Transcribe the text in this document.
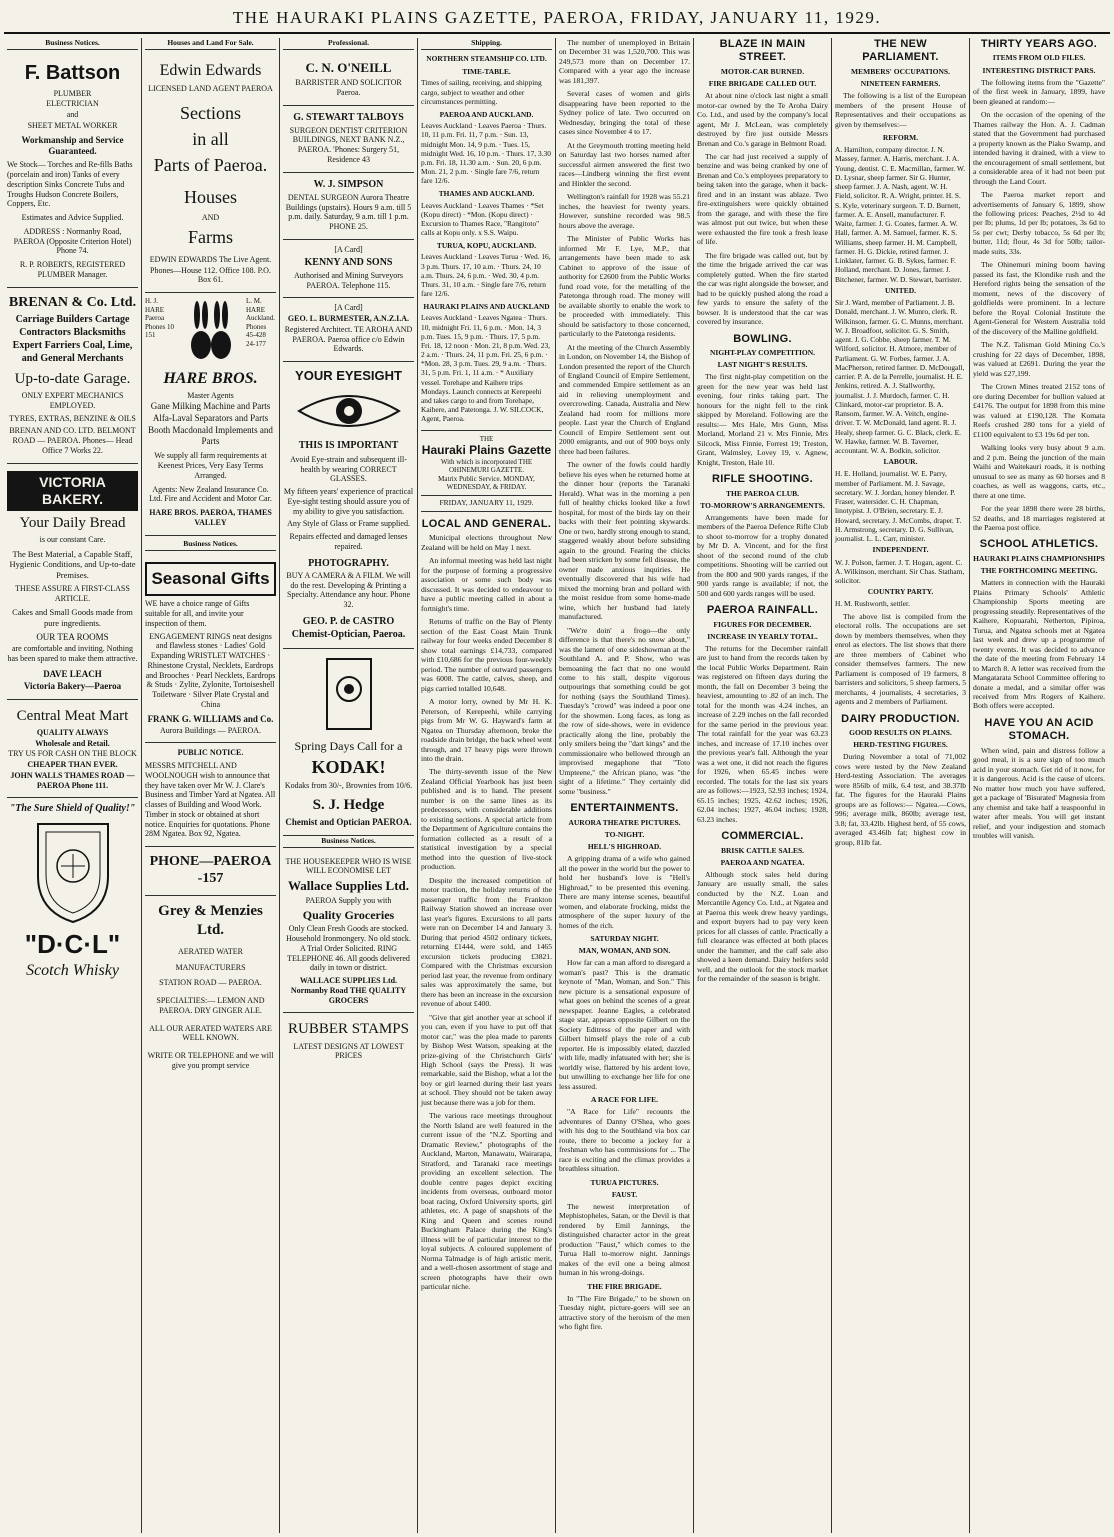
THE HAURAKI PLAINS GAZETTE, PAEROA, FRIDAY, JANUARY 11, 1929.
Business Notices.
F. Battson
PLUMBER
ELECTRICIAN
and
SHEET METAL WORKER
Workmanship and Service Guaranteed.
We Stock— Torches and Re-fills Baths (porcelain and iron) Tanks of every description Sinks Concrete Tubs and Troughs Hudson Concrete Boilers, Coppers, Etc.
Estimates and Advice Supplied.
ADDRESS : Normanby Road, PAEROA (Opposite Criterion Hotel) Phone 74.
R. P. ROBERTS, REGISTERED PLUMBER Manager.
BRENAN & Co. Ltd.
Carriage Builders Cartage Contractors Blacksmiths Expert Farriers Coal, Lime, and General Merchants
Up-to-date Garage.
ONLY EXPERT MECHANICS EMPLOYED.
TYRES, EXTRAS, BENZINE & OILS
BRENAN AND CO. LTD. BELMONT ROAD — PAEROA. Phones— Head Office 7 Works 22.
VICTORIA BAKERY.
Your Daily Bread
is our constant Care.
The Best Material, a Capable Staff, Hygienic Conditions, and Up-to-date Premises.
THESE ASSURE A FIRST-CLASS ARTICLE.
Cakes and Small Goods made from pure ingredients.
OUR TEA ROOMS
are comfortable and inviting. Nothing has been spared to make them attractive.
DAVE LEACH
Victoria Bakery—Paeroa
Central Meat Mart
QUALITY ALWAYS
Wholesale and Retail.
TRY US FOR CASH ON THE BLOCK
CHEAPER THAN EVER.
JOHN WALLS THAMES ROAD — PAEROA Phone 111.
"The Sure Shield of Quality!"
"D·C·L"
Scotch Whisky
Houses and Land For Sale.
Edwin Edwards
LICENSED LAND AGENT PAEROA
Sections
in all
Parts of Paeroa.
Houses
AND
Farms
EDWIN EDWARDS The Live Agent.
Phones—House 112. Office 108. P.O. Box 61.
H. J. HARE Paeroa Phones 10 151
L. M. HARE Auckland. Phones 45-428 24-177
HARE BROS.
Master Agents
Gane Milking Machine and Parts
Alfa-Laval Separators and Parts
Booth Macdonald Implements and Parts
We supply all farm requirements at Keenest Prices, Very Easy Terms Arranged.
Agents: New Zealand Insurance Co. Ltd. Fire and Accident and Motor Car.
HARE BROS. PAEROA, THAMES VALLEY
Business Notices.
Seasonal Gifts
WE have a choice range of Gifts suitable for all, and invite your inspection of them.
ENGAGEMENT RINGS neat designs and flawless stones · Ladies' Gold Expanding WRISTLET WATCHES · Rhinestone Crystal, Necklets, Eardrops and Brooches · Pearl Necklets, Eardrops & Studs · Zylite, Zylonite, Tortoiseshell Toiletware · Silver Plate Crystal and China
FRANK G. WILLIAMS and Co.
Aurora Buildings — PAEROA.
PUBLIC NOTICE.
MESSRS MITCHELL AND WOOLNOUGH wish to announce that they have taken over Mr W. J. Clare's Business and Timber Yard at Ngatea. All classes of Building and Wood Work. Timber in stock or obtained at short notice. Enquiries for quotations. Phone 28M Ngatea. Box 92, Ngatea.
PHONE—PAEROA -157
Grey & Menzies Ltd.
AERATED WATER
MANUFACTURERS
STATION ROAD — PAEROA.
SPECIALTIES:— LEMON AND PAEROA. DRY GINGER ALE.
ALL OUR AERATED WATERS ARE WELL KNOWN.
WRITE OR TELEPHONE and we will give you prompt service
Professional.
C. N. O'NEILL
BARRISTER AND SOLICITOR Paeroa.
G. STEWART TALBOYS
SURGEON DENTIST CRITERION BUILDINGS, NEXT BANK N.Z., PAEROA. 'Phones: Surgery 51, Residence 43
W. J. SIMPSON
DENTAL SURGEON Aurora Theatre Buildings (upstairs). Hours 9 a.m. till 5 p.m. daily. Saturday, 9 a.m. till 1 p.m. PHONE 25.
[A Card]
KENNY AND SONS
Authorised and Mining Surveyors PAEROA. Telephone 115.
[A Card]
GEO. L. BURMESTER, A.N.Z.I.A.
Registered Architect. TE AROHA AND PAEROA. Paeroa office c/o Edwin Edwards.
YOUR EYESIGHT
THIS IS IMPORTANT
Avoid Eye-strain and subsequent ill-health by wearing CORRECT GLASSES.
My fifteen years' experience of practical Eye-sight testing should assure you of my ability to give you satisfaction.
Any Style of Glass or Frame supplied.
Repairs effected and damaged lenses repaired.
PHOTOGRAPHY.
BUY A CAMERA & A FILM. We will do the rest. Developing & Printing a Specialty. Attendance any hour. Phone 32.
GEO. P. de CASTRO
Chemist-Optician, Paeroa.
Spring Days Call for a
KODAK!
Kodaks from 30/-, Brownies from 10/6.
S. J. Hedge
Chemist and Optician PAEROA.
Business Notices.
THE HOUSEKEEPER WHO IS WISE WILL ECONOMISE LET
Wallace Supplies Ltd.
PAEROA Supply you with
Quality Groceries
Only Clean Fresh Goods are stocked. Household Ironmongery. No old stock. A Trial Order Solicited. RING TELEPHONE 46. All goods delivered daily in town or district.
WALLACE SUPPLIES Ltd. Normanby Road THE QUALITY GROCERS
RUBBER STAMPS
LATEST DESIGNS AT LOWEST PRICES
Shipping.
NORTHERN STEAMSHIP CO. LTD.
TIME-TABLE.
Times of sailing, receiving, and shipping cargo, subject to weather and other circumstances permitting.
PAEROA AND AUCKLAND.
Leaves Auckland · Leaves Paeroa · Thurs. 10, 11 p.m. Fri. 11, 7 p.m. · Sun. 13, midnight Mon. 14, 9 p.m. · Tues. 15, midnight Wed. 16, 10 p.m. · Thurs. 17, 3.30 p.m. Fri. 18, 11.30 a.m. · Sun. 20, 6 p.m. Mon. 21, 2 p.m. · Single fare 7/6, return fare 12/6.
THAMES AND AUCKLAND.
Leaves Auckland · Leaves Thames · *Set (Kopu direct) · *Mon. (Kopu direct) · Excursion to Thames Race, "Rangitoto" calls at Kopu only. x S.S. Waipu.
TURUA, KOPU, AUCKLAND.
Leaves Auckland · Leaves Turua · Wed. 16, 3 p.m. Thurs. 17, 10 a.m. · Thurs. 24, 10 a.m. Thurs. 24, 6 p.m. · Wed. 30, 4 p.m. Thurs. 31, 10 a.m. · Single fare 7/6, return fare 12/6.
HAURAKI PLAINS AND AUCKLAND
Leaves Auckland · Leaves Ngatea · Thurs. 10, midnight Fri. 11, 6 p.m. · Mon. 14, 3 p.m. Tues. 15, 9 p.m. · Thurs. 17, 5 p.m. Fri. 18, 12 noon · Mon. 21, 8 p.m. Wed. 23, 2 a.m. · Thurs. 24, 11 p.m. Fri. 25, 6 p.m. · *Mon. 28, 3 p.m. Tues. 29, 9 a.m. · Thurs. 31, 5 p.m. Fri. 1, 11 a.m. · * Auxiliary vessel. Torehape and Kaihere trips Mondays. Launch connects at Kerepeehi and takes cargo to and from Torehape, Kaihere, and Patetonga. J. W. SILCOCK, Agent, Paeroa.
THE
Hauraki Plains Gazette
With which is incorporated THE OHINEMURI GAZETTE.
Matrix Public Service. MONDAY, WEDNESDAY, & FRIDAY.
FRIDAY, JANUARY 11, 1929.
LOCAL AND GENERAL.

Municipal elections throughout New Zealand will be held on May 1 next.

An informal meeting was held last night for the purpose of forming a progressive association or some such body was discussed. It was decided to endeavour to have a public meeting called in about a fortnight's time.

Returns of traffic on the Bay of Plenty section of the East Coast Main Trunk railway for four weeks ended December 8 show total earnings £14,733, compared with £10,686 for the previous four-weekly period. The number of outward passengers was 6008. The cattle, calves, sheep, and pigs carried totalled 10,648.

A motor lorry, owned by Mr H. K. Peterson, of Kerepeehi, while carrying pigs from Mr W. G. Hayward's farm at Ngatea on Thursday afternoon, broke the roadside drain bridge, the back wheel went through, and 17 heavy pigs were thrown into the drain.

The thirty-seventh issue of the New Zealand Official Yearbook has just been published and is to hand. The present number is on the same lines as its predecessors, with considerable additions to existing sections. A special article from the Department of Agriculture contains the formation collected as a result of a statistical investigation by a special method into the question of live-stock production.

Despite the increased competition of motor traction, the holiday returns of the passenger traffic from the Frankton Railway Station showed an increase over last year's figures. Excursions to all parts were run on December 14 and January 3. During that period 4502 ordinary tickets, returning £1444, were sold, and 1465 excursion tickets producing £3821. Compared with the Christmas excursion period last year, the revenue from ordinary sales was approximately the same, but there has been an increase in the excursion revenue of about £400.

"Give that girl another year at school if you can, even if you have to put off that motor car," was the plea made to parents by Bishop West Watson, speaking at the prize-giving of the Christchurch Girls' High School (says the Press). It was remarkable, said the Bishop, what a lot the boy or girl learned during their last years at school. They should not be taken away just because there was a job for them.

The various race meetings throughout the North Island are well featured in the current issue of the "N.Z. Sporting and Dramatic Review," photographs of the Auckland, Marton, Manawatu, Wairarapa, Stratford, and Taranaki race meetings providing an excellent selection. The double centre pages depict exciting incidents from overseas, outboard motor boat racing, Oxford University sports, girl athletes, etc. A page of snapshots of the King and Queen and scenes round Buckingham Palace during the King's illness will be of particular interest to the loyal subjects. A coloured supplement of Norma Talmadge is of high artistic merit, and a well-chosen assortment of stage and screen photographs have their own particular niche.

The number of unemployed in Britain on December 31 was 1,520,700. This was 249,573 more than on December 17. Compared with a year ago the increase was 181,397.

Several cases of women and girls disappearing have been reported to the Sydney police of late. Two occurred on Wednesday, bringing the total of these cases since November 4 to 17.

At the Greymouth trotting meeting held on Saturday last two horses named after successful airmen answered the first two races—Lindberg winning the first event and Hinkler the second.

Wellington's rainfall for 1928 was 55.21 inches, the heaviest for twenty years. However, sunshine recorded was 98.5 hours above the average.

The Minister of Public Works has informed Mr F. Lye, M.P., that arrangements have been made to ask Cabinet to approve of the issue of authority for £2600 from the Public Works fund road vote, for the metalling of the Patetonga through road. The money will be available shortly to enable the work to be proceeded with immediately. This should be satisfactory to those concerned, particularly to the Patetonga residents.

At the meeting of the Church Assembly in London, on November 14, the Bishop of London presented the report of the Church of England Council of Empire Settlement, and commended Empire settlement as an aid in relieving unemployment and overcrowding. Canada, Australia and New Zealand had room for millions more people. Last year the Church of England Council of Empire Settlement sent out 2000 emigrants, and out of 900 boys only three had been failures.

The owner of the fowls could hardly believe his eyes when he returned home at the dinner hour (reports the Taranaki Herald). What was in the morning a pen full of healthy chicks looked like a fowl hospital, for most of the birds lay on their backs with their feet pointing skywards. One or two, hardly strong enough to stand, staggered weakly about before subsiding again to the ground. Fearing the chicks had been stricken by some fell disease, the owner made anxious inquiries. He eventually discovered that his wife had mixed the morning bran and pollard with the moist residue from some home-made wine, which her husband had lately manufactured.

"We're doin' a frogo—the only difference is that there's no snow about," was the lament of one sideshowman at the Southland A. and P. Show, who was bemoaning the fact that no one would come to his stall, despite vigorous outpourings that something could be got for nothing (says the Southland Times). Tuesday's "crowd" was indeed a poor one for the showmen. Long faces, as long as the row of side-shows, were in evidence practically along the line, probably the only smilers being the "dart kings" and the commissionaire who bellowed through an improvised megaphone that "Toto Umpteene," the African piano, was "the sight of a lifetime." They certainly did some "business."

ENTERTAINMENTS.
AURORA THEATRE PICTURES.
TO-NIGHT.
HELL'S HIGHROAD.

A gripping drama of a wife who gained all the power in the world but the power to hold her husband's love is "Hell's Highroad," to be presented this evening. There are many intense scenes, beautiful women, and elaborate frocking, midst the atmosphere of the super luxury of the homes of the rich.

SATURDAY NIGHT.
MAN, WOMAN, AND SON.

How far can a man afford to disregard a woman's past? This is the dramatic keynote of "Man, Woman, and Son." This new picture is a sensational exposure of what goes on behind the scenes of a great newspaper. Jeanne Eagles, a celebrated stage star, appears opposite Gilbert on the Society Editress of the paper and with Gilbert himself plays the role of a cub reporter. He is impossibly elated, dazzled with life, madly infatuated with her; she is worldly wise, flattered by his ardent love, but unwilling to exchange her life for one less assured.

A RACE FOR LIFE.

"A Race for Life" recounts the adventures of Danny O'Shea, who goes with his dog to the Southland via box car route, there to become a jockey for a freshman who has commissions for ... The race is exciting and the climax provides a breathless situation.

TURUA PICTURES.
FAUST.

The newest interpretation of Mephistopheles, Satan, or the Devil is that rendered by Emil Jannings, the distinguished character actor in the great production "Faust," which comes to the Turua Hall to-morrow night. Jannings makes of the evil one a being almost human in his wrong-doings.

THE FIRE BRIGADE.

In "The Fire Brigade," to be shown on Tuesday night, picture-goers will see an attractive story of the heroism of the men who fight fire.

BLAZE IN MAIN STREET.
MOTOR-CAR BURNED.
FIRE BRIGADE CALLED OUT.

At about nine o'clock last night a small motor-car owned by the Te Aroha Dairy Co. Ltd., and used by the company's local agent, Mr J. McLean, was completely destroyed by fire just outside Messrs Brenan and Co.'s garage in Belmont Road.

The car had just received a supply of benzine and was being cranked by one of Brenan and Co.'s employees preparatory to being taken into the garage, when it back-fired and in an instant was ablaze. Two fire-extinguishers were quickly obtained from the garage, and with these the fire was almost put out twice, but when these were exhausted the fire took a fresh lease of life.

The fire brigade was called out, but by the time the brigade arrived the car was completely gutted. When the fire started the car was right alongside the bowser, and had to be quickly pushed along the road a few yards to ensure the safety of the bowser. It is understood that the car was covered by insurance.

BOWLING.
NIGHT-PLAY COMPETITION.
LAST NIGHT'S RESULTS.

The first night-play competition on the green for the new year was held last evening, four rinks taking part. The honours for the night fell to the rink skipped by Moreland. Following are the results:— Mrs Hale, Mrs Gunn, Miss Morland, Morland 21 v. Mrs Finnie, Mrs Silcock, Miss Finnie, Forrest 19; Treston, Grant, Walmsley, Lovey 19, v. Agnew, Knight, Treston, Hale 10.

RIFLE SHOOTING.
THE PAEROA CLUB.
TO-MORROW'S ARRANGEMENTS.

Arrangements have been made for members of the Paeroa Defence Rifle Club to shoot to-morrow for a trophy donated by Mr D. A. Vincent, and for the first shoot of the second round of the club competitions. Shooting will be carried out from the 800 and 900 yards ranges, if the 900 yards range is available; if not, the 500 and 600 yards ranges will be used.

PAEROA RAINFALL.
FIGURES FOR DECEMBER.
INCREASE IN YEARLY TOTAL.

The returns for the December rainfall are just to hand from the records taken by the local Public Works Department. Rain was registered on fifteen days during the month, the fall on December 3 being the heaviest, amounting to .82 of an inch. The total for the month was 4.24 inches, an increase of 2.29 inches on the fall recorded for the same period in the previous year. The total rainfall for the year was 63.23 inches, and increase of 17.10 inches over the previous year's fall. Although the year was a wet one, it did not reach the figures for 1926, when 65.45 inches were recorded. The totals for the last six years are as follows:—1923, 52.93 inches; 1924, 65.15 inches; 1925, 42.62 inches; 1926, 62.04 inches; 1927, 46.04 inches; 1928, 63.23 inches.

COMMERCIAL.
BRISK CATTLE SALES.
PAEROA AND NGATEA.

Although stock sales held during January are usually small, the sales conducted by the N.Z. Loan and Mercantile Agency Co. Ltd., at Ngatea and at Paeroa this week drew heavy yardings, and export buyers had to pay very keen prices for all classes of cattle. Practically a full clearance was effected at both places under the hammer, and the calf sale also showed a keen demand. Dairy heifers sold well, and the outlook for the stock market for the remainder of the season is bright.

THE NEW PARLIAMENT.
MEMBERS' OCCUPATIONS.
NINETEEN FARMERS.

The following is a list of the European members of the present House of Representatives and their occupations as given by themselves:—

REFORM.
A. Hamilton, company director. J. N. Massey, farmer. A. Harris, merchant. J. A. Young, dentist. C. E. Macmillan, farmer. W. D. Lysnar, sheep farmer. Sir G. Hunter, sheep farmer. J. A. Nash, agent. W. H. Field, solicitor. R. A. Wright, printer. H. S. S. Kyle, veterinary surgeon. T. D. Burnett, farmer. A. E. Ansell, manufacturer. F. Waite, farmer. J. G. Coates, farmer. A. W. Hall, farmer. A. M. Samuel, farmer. K. S. Williams, sheep farmer. H. M. Campbell, farmer. H. G. Dickie, retired farmer. J. Linklater, farmer. G. B. Sykes, farmer. F. Holland, merchant. D. Jones, farmer. J. Bitchener, farmer. W. D. Stewart, barrister.
UNITED.
Sir J. Ward, member of Parliament. J. B. Donald, merchant. J. W. Munro, clerk. R. Wilkinson, farmer. G. C. Munns, merchant. W. J. Broadfoot, solicitor. G. S. Smith, agent. J. G. Cobbe, sheep farmer. T. M. Wilford, solicitor. H. Atmore, member of Parliament. G. W. Forbes, farmer. J. A. MacPherson, retired farmer. D. McDougall, carrier. P. A. de la Perrelle, journalist. H. E. Jenkins, retired. A. J. Stallworthy, journalist. J. J. Murdoch, farmer. C. H. Clinkard, motor-car proprietor. B. A. Ransom, farmer. W. A. Veitch, engine-driver. T. W. McDonald, land agent. R. J. Healy, sheep farmer. G. C. Black, clerk. E. W. Hawke, farmer. W. B. Taverner, accountant. W. A. Bodkin, solicitor.
LABOUR.
H. E. Holland, journalist. W. E. Parry, member of Parliament. M. J. Savage, secretary. W. J. Jordan, honey blender. P. Fraser, watersider. C. H. Chapman, linotypist. J. O'Brien, secretary. E. J. Howard, secretary. J. McCombs, draper. T. H. Armstrong, secretary. D. G. Sullivan, journalist. L. L. Carr, minister.
INDEPENDENT.
W. J. Polson, farmer. J. T. Hogan, agent. C. A. Wilkinson, merchant. Sir Chas. Statham, solicitor.
COUNTRY PARTY.
H. M. Rushworth, settler.

The above list is compiled from the electoral rolls. The occupations are set down by members themselves, when they enrol as electors. The list shows that there are three members of Cabinet who consider themselves farmers. The new Parliament is composed of 19 farmers, 8 barristers and solicitors, 5 sheep farmers, 5 merchants, 4 journalists, 4 secretaries, 3 agents and 2 members of Parliament.

DAIRY PRODUCTION.
GOOD RESULTS ON PLAINS.
HERD-TESTING FIGURES.

During November a total of 71,002 cows were tested by the New Zealand Herd-testing Association. The averages were 856lb of milk, 6.4 test, and 38.37lb fat. The figures for the Hauraki Plains groups are as follows:— Ngatea.—Cows, 996; average milk, 860lb; average test, 3.8; fat, 33.42lb. Highest herd, of 55 cows, averaged 43.46lb fat; highest cow in group, 81lb fat.

THIRTY YEARS AGO.
ITEMS FROM OLD FILES.
INTERESTING DISTRICT PARS.

The following items from the "Gazette" of the first week in January, 1899, have been gleaned at random:—

On the occasion of the opening of the Thames railway the Hon. A. J. Cadman stated that the Government had purchased a property known as the Piako Swamp, and intended having it drained, with a view to the encouragement of small settlement, but a considerable area of it had not been put through the Land Court.

The Paeroa market report and advertisements of January 6, 1899, show the following prices: Peaches, 2½d to 4d per lb; plums, 1d per lb; potatoes, 3s 6d to 5s per cwt; Derby tobacco, 5s 6d per lb; butter, 11d; flour, 4s 3d for 50lb; tailor-made suits, 33s.

The Ohinemuri mining boom having passed its fast, the Klondike rush and the Hereford rights being the sensation of the moment, news of the discovery of goldfields were prominent. In a lecture before the Royal Colonial Institute the Agent-General for Western Australia told of the discovery of the Malline goldfield.

The N.Z. Talisman Gold Mining Co.'s crushing for 22 days of December, 1898, was valued at £2691. During the year the yield was £27,199.

The Crown Mines treated 2152 tons of ore during December for bullion valued at £4176. The output for 1898 from this mine was valued at £190,128. The Komata Reefs crushed 280 tons for a yield of £1100 equivalent to £3 19s 6d per ton.

Walking looks very busy about 9 a.m. and 2 p.m. Being the junction of the main Waihi and Waitekauri roads, it is nothing unusual to see as many as 60 horses and 8 coaches, as well as waggons, carts, etc., there at one time.

For the year 1898 there were 28 births, 52 deaths, and 18 marriages registered at the Paeroa post office.

SCHOOL ATHLETICS.
HAURAKI PLAINS CHAMPIONSHIPS
THE FORTHCOMING MEETING.

Matters in connection with the Hauraki Plains Primary Schools' Athletic Championship Sports meeting are progressing steadily. Representatives of the Kaihere, Kopuarahi, Netherton, Pipiroa, Turua, and Ngatea schools met at Ngatea last week and drew up a programme of twenty events. It was decided to advance the date of the meeting from February 14 to March 8. A letter was received from the Mangatarata School Committee offering to donate a medal, and a similar offer was received from Mrs Rogers of Kaihere. Both offers were accepted.

HAVE YOU AN ACID STOMACH.

When wind, pain and distress follow a good meal, it is a sure sign of too much acid in your stomach. Get rid of it now, for it is dangerous. Acid is the cause of ulcers. No matter how much you have suffered, get a package of 'Bisurated' Magnesia from any chemist and take half a teaspoonful in water after meals. You will get instant relief, and your indigestion and stomach troubles will vanish.
